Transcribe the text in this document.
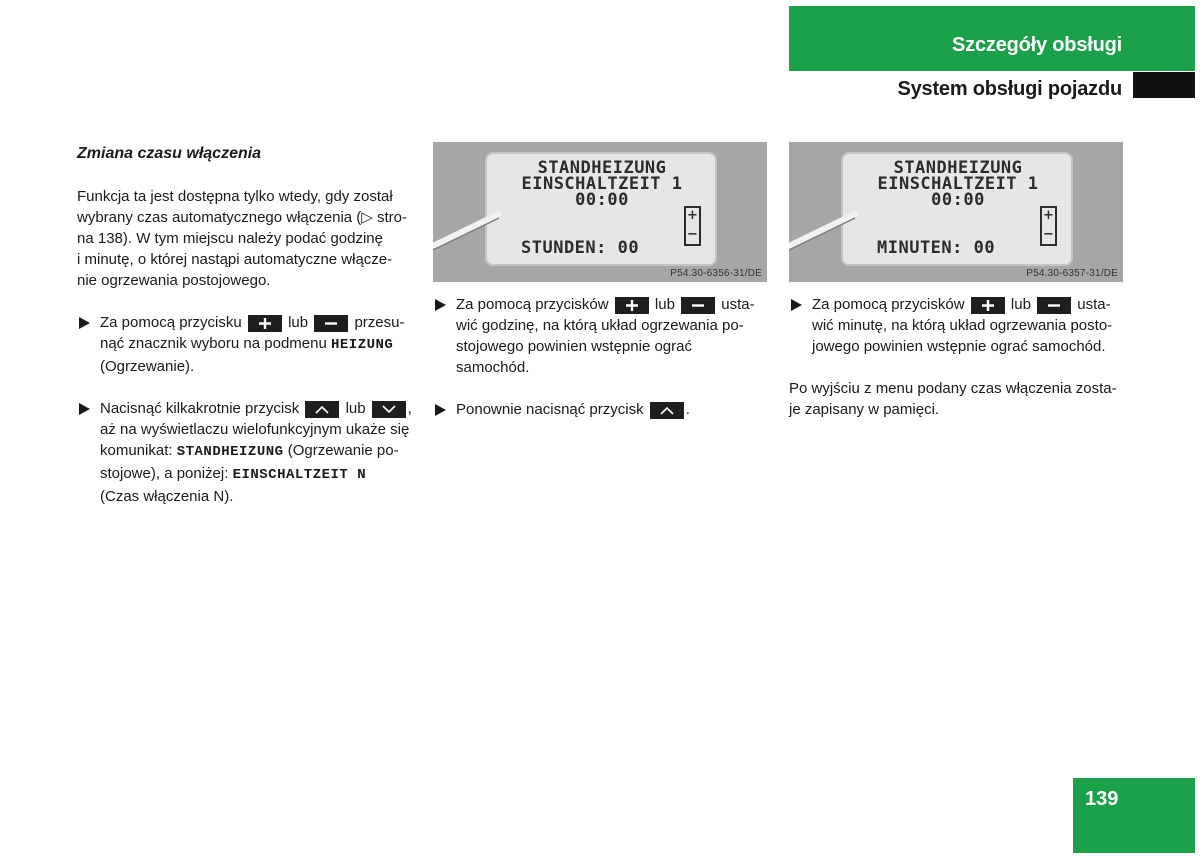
Szczegóły obsługi
System obsługi pojazdu
Zmiana czasu włączenia

Funkcja ta jest dostępna tylko wtedy, gdy został
wybrany czas automatycznego włączenia (▷ stro-
na 138). W tym miejscu należy podać godzinę
i minutę, o której nastąpi automatyczne włącze-
nie ogrzewania postojowego.

Za pomocą przycisku	lub	przesu-
nąć znacznik wyboru na podmenu HEIZUNG
(Ogrzewanie).
Nacisnąć kilkakrotnie przycisk	lub	,
aż na wyświetlaczu wielofunkcyjnym ukaże się
komunikat: STANDHEIZUNG (Ogrzewanie po-
stojowe), a poniżej: EINSCHALTZEIT N
(Czas włączenia N).
STANDHEIZUNG
EINSCHALTZEIT 1
00:00
STUNDEN: 00
+
−
P54.30-6356-31/DE
STANDHEIZUNG
EINSCHALTZEIT 1
00:00
MINUTEN: 00
+
−
P54.30-6357-31/DE
Za pomocą przycisków	lub	usta-
wić godzinę, na którą układ ogrzewania po-
stojowego powinien wstępnie ograć samochód.
Ponownie nacisnąć przycisk	.
Za pomocą przycisków	lub	usta-
wić minutę, na którą układ ogrzewania posto-
jowego powinien wstępnie ograć samochód.

Po wyjściu z menu podany czas włączenia zosta-
je zapisany w pamięci.

139
